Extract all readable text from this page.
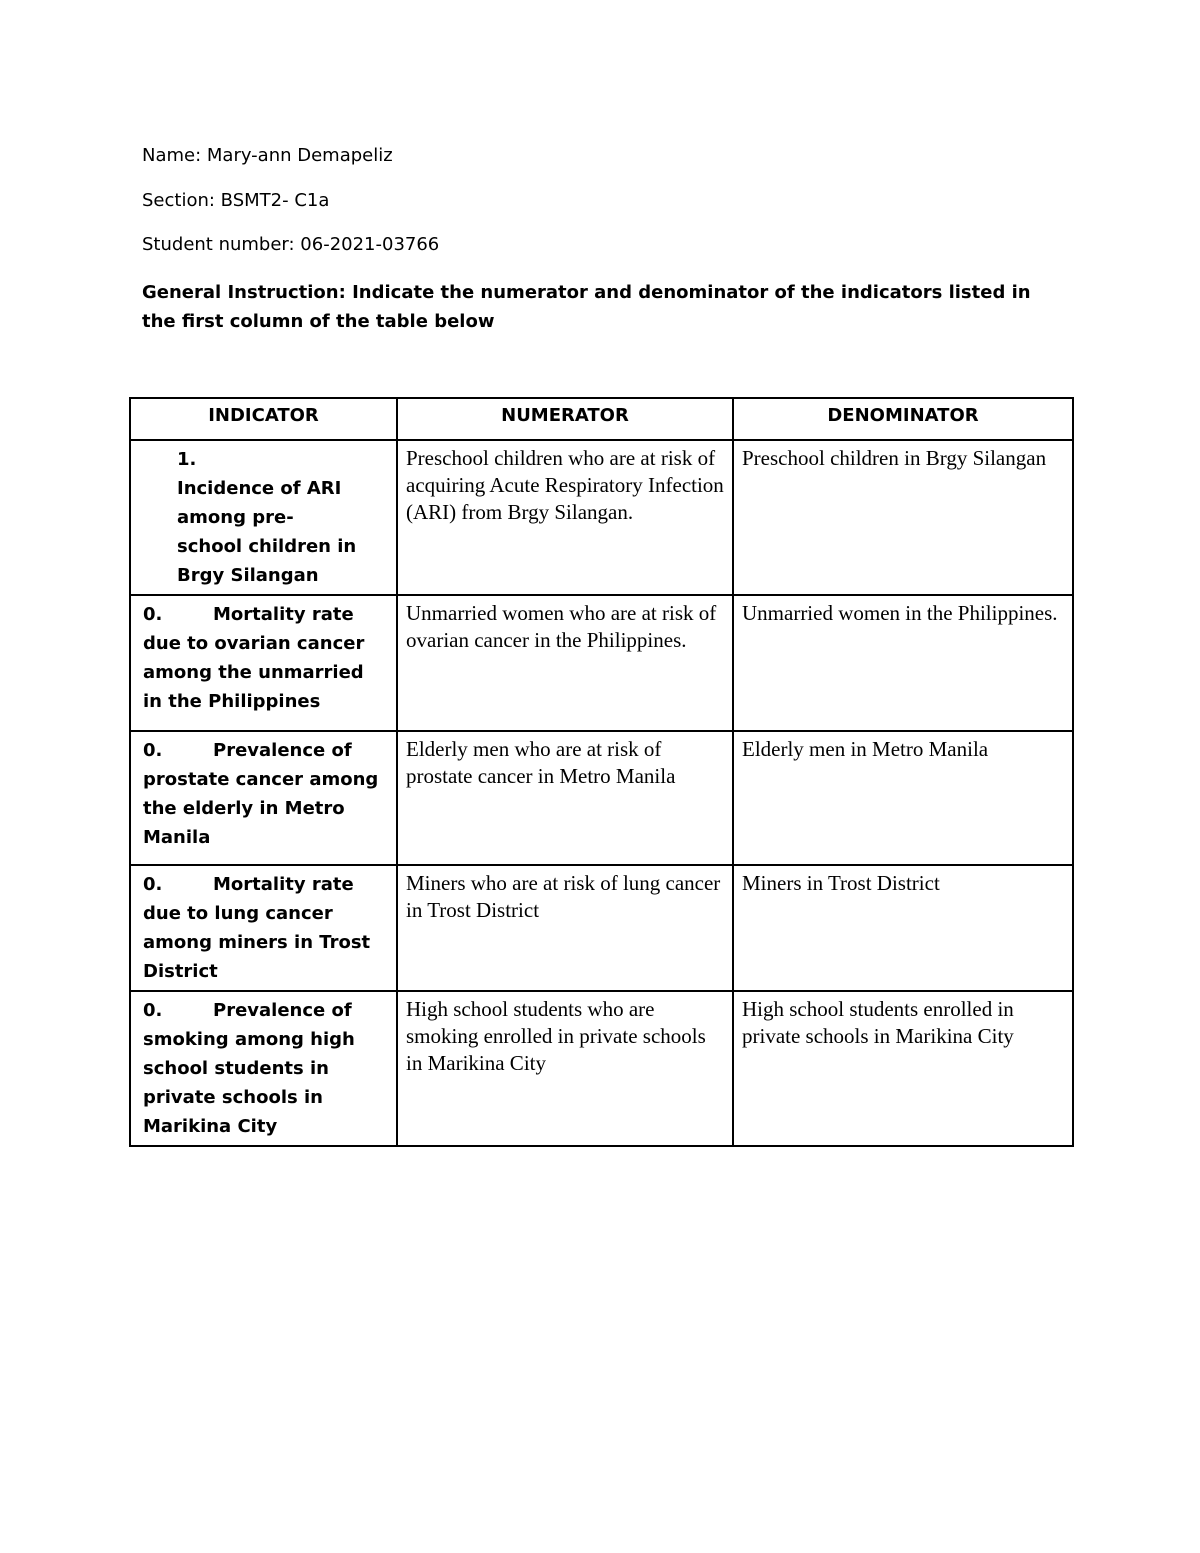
Name: Mary-ann Demapeliz
Section: BSMT2- C1a
Student number: 06-2021-03766
General Instruction: Indicate the numerator and denominator of the indicators listed in the first column of the table below
INDICATOR	NUMERATOR	DENOMINATOR
1.Incidence of ARI among pre-school children in Brgy Silangan	Preschool children who are at risk of acquiring Acute Respiratory Infection (ARI) from Brgy Silangan.	Preschool children in Brgy Silangan
0. Mortality rate due to ovarian cancer among the unmarried in the Philippines	Unmarried women who are at risk of ovarian cancer in the Philippines.	Unmarried women in the Philippines.
0. Prevalence of prostate cancer among the elderly in Metro Manila	Elderly men who are at risk of prostate cancer in Metro Manila	Elderly men in Metro Manila
0. Mortality rate due to lung cancer among miners in Trost District	Miners who are at risk of lung cancer in Trost District	Miners in Trost District
0. Prevalence of smoking among high school students in private schools in Marikina City	High school students who are smoking enrolled in private schools in Marikina City	High school students enrolled in private schools in Marikina City
